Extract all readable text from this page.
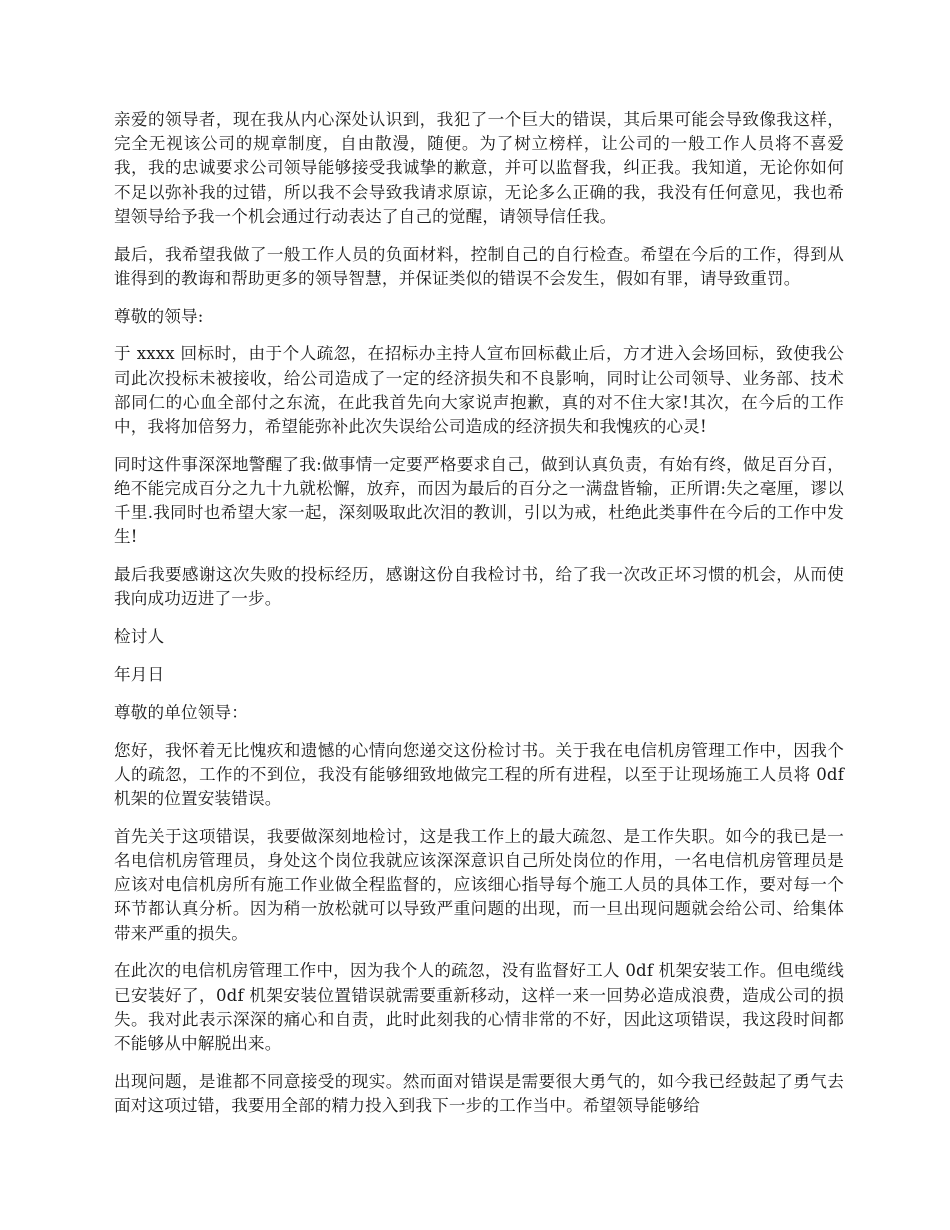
亲爱的领导者，现在我从内心深处认识到，我犯了一个巨大的错误，其后果可能会导致像我这样，完全无视该公司的规章制度，自由散漫，随便。为了树立榜样，让公司的一般工作人员将不喜爱我，我的忠诚要求公司领导能够接受我诚挚的歉意，并可以监督我，纠正我。我知道，无论你如何不足以弥补我的过错，所以我不会导致我请求原谅，无论多么正确的我，我没有任何意见，我也希望领导给予我一个机会通过行动表达了自己的觉醒，请领导信任我。

最后，我希望我做了一般工作人员的负面材料，控制自己的自行检查。希望在今后的工作，得到从谁得到的教诲和帮助更多的领导智慧，并保证类似的错误不会发生，假如有罪，请导致重罚。

尊敬的领导:

于 xxxx 回标时，由于个人疏忽，在招标办主持人宣布回标截止后，方才进入会场回标，致使我公司此次投标未被接收，给公司造成了一定的经济损失和不良影响，同时让公司领导、业务部、技术部同仁的心血全部付之东流，在此我首先向大家说声抱歉，真的对不住大家!其次，在今后的工作中，我将加倍努力，希望能弥补此次失误给公司造成的经济损失和我愧疚的心灵!

同时这件事深深地警醒了我:做事情一定要严格要求自己，做到认真负责，有始有终，做足百分百，绝不能完成百分之九十九就松懈，放弃，而因为最后的百分之一满盘皆输，正所谓:失之毫厘，谬以千里.我同时也希望大家一起，深刻吸取此次泪的教训，引以为戒，杜绝此类事件在今后的工作中发生!

最后我要感谢这次失败的投标经历，感谢这份自我检讨书，给了我一次改正坏习惯的机会，从而使我向成功迈进了一步。

检讨人

年月日

尊敬的单位领导：

您好，我怀着无比愧疚和遗憾的心情向您递交这份检讨书。关于我在电信机房管理工作中，因我个人的疏忽，工作的不到位，我没有能够细致地做完工程的所有进程，以至于让现场施工人员将 0df 机架的位置安装错误。

首先关于这项错误，我要做深刻地检讨，这是我工作上的最大疏忽、是工作失职。如今的我已是一名电信机房管理员，身处这个岗位我就应该深深意识自己所处岗位的作用，一名电信机房管理员是应该对电信机房所有施工作业做全程监督的，应该细心指导每个施工人员的具体工作，要对每一个环节都认真分析。因为稍一放松就可以导致严重问题的出现，而一旦出现问题就会给公司、给集体带来严重的损失。

在此次的电信机房管理工作中，因为我个人的疏忽，没有监督好工人 0df 机架安装工作。但电缆线已安装好了，0df 机架安装位置错误就需要重新移动，这样一来一回势必造成浪费，造成公司的损失。我对此表示深深的痛心和自责，此时此刻我的心情非常的不好，因此这项错误，我这段时间都不能够从中解脱出来。

出现问题，是谁都不同意接受的现实。然而面对错误是需要很大勇气的，如今我已经鼓起了勇气去面对这项过错，我要用全部的精力投入到我下一步的工作当中。希望领导能够给
